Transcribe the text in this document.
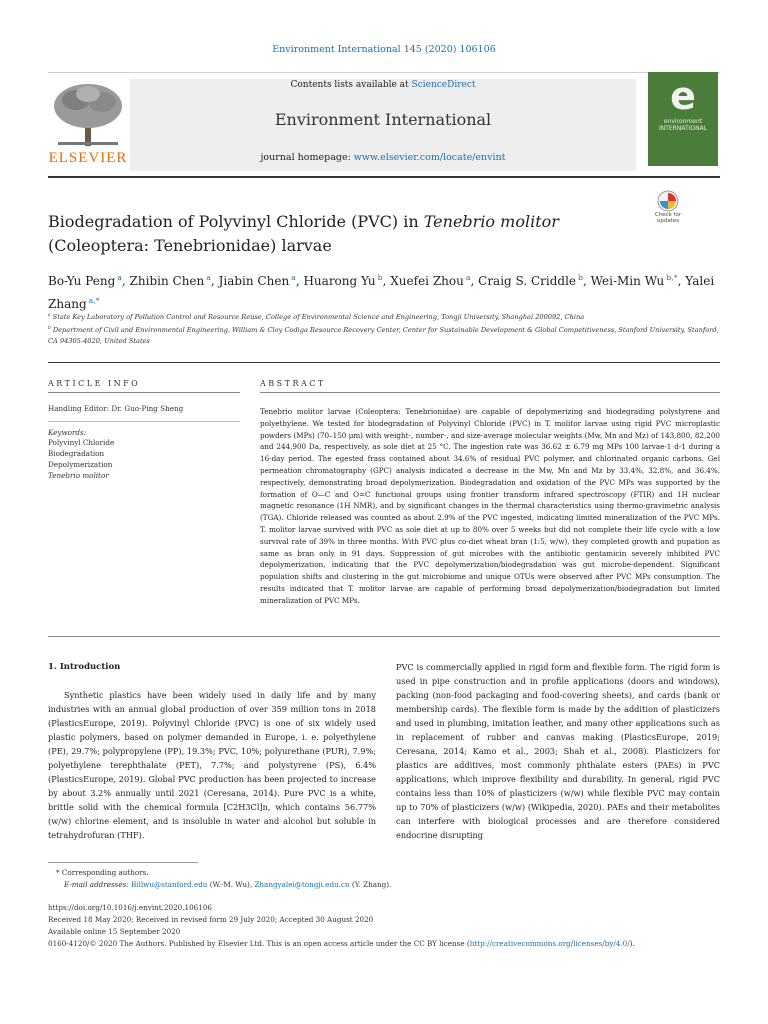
Environment International 145 (2020) 106106
Contents lists available at ScienceDirect
Environment International
journal homepage: www.elsevier.com/locate/envint
ELSEVIER
e
environment INTERNATIONAL
Biodegradation of Polyvinyl Chloride (PVC) in Tenebrio molitor (Coleoptera: Tenebrionidae) larvae
Check for updates
Bo-Yu Peng $^a$, Zhibin Chen $^a$, Jiabin Chen $^a$, Huarong Yu $^b$, Xuefei Zhou $^a$, Craig S. Criddle $^b$, Wei-Min Wu $^{b,*}$, Yalei Zhang $^{a,*}$
$^a$ State Key Laboratory of Pollution Control and Resource Reuse, College of Environmental Science and Engineering, Tongji University, Shanghai 200092, China
$^b$ Department of Civil and Environmental Engineering, William & Cloy Codiga Resource Recovery Center, Center for Sustainable Development & Global Competitiveness, Stanford University, Stanford, CA 94305-4020, United States
ARTICLE INFO
Handling Editor: Dr. Guo-Ping Sheng
Keywords:
Polyvinyl Chloride
Biodegradation
Depolymerization
Tenebrio molitor
ABSTRACT
Tenebrio molitor larvae (Coleoptera: Tenebrionidae) are capable of depolymerizing and biodegrading polystyrene and polyethylene. We tested for biodegradation of Polyvinyl Chloride (PVC) in T. molitor larvae using rigid PVC microplastic powders (MPs) (70–150 μm) with weight-, number-, and size-average molecular weights (Mw, Mn and Mz) of 143,800, 82,200 and 244,900 Da, respectively, as sole diet at 25 °C. The ingestion rate was 36.62 ± 6.79 mg MPs 100 larvae-1 d-1 during a 16-day period. The egested frass contained about 34.6% of residual PVC polymer, and chlorinated organic carbons. Gel permeation chromatography (GPC) analysis indicated a decrease in the Mw, Mn and Mz by 33.4%, 32.8%, and 36.4%, respectively, demonstrating broad depolymerization. Biodegradation and oxidation of the PVC MPs was supported by the formation of O—C and O=C functional groups using frontier transform infrared spectroscopy (FTIR) and 1H nuclear magnetic resonance (1H NMR), and by significant changes in the thermal characteristics using thermo-gravimetric analysis (TGA). Chloride released was counted as about 2.9% of the PVC ingested, indicating limited mineralization of the PVC MPs. T. molitor larvae survived with PVC as sole diet at up to 80% over 5 weeks but did not complete their life cycle with a low survival rate of 39% in three months. With PVC plus co-diet wheat bran (1:5, w/w), they completed growth and pupation as same as bran only in 91 days. Suppression of gut microbes with the antibiotic gentamicin severely inhibited PVC depolymerization, indicating that the PVC depolymerization/biodegradation was gut microbe-dependent. Significant population shifts and clustering in the gut microbiome and unique OTUs were observed after PVC MPs consumption. The results indicated that T. molitor larvae are capable of performing broad depolymerization/biodegradation but limited mineralization of PVC MPs.
1. Introduction
Synthetic plastics have been widely used in daily life and by many industries with an annual global production of over 359 million tons in 2018 (PlasticsEurope, 2019). Polyvinyl Chloride (PVC) is one of six widely used plastic polymers, based on polymer demanded in Europe, i. e. polyethylene (PE), 29.7%; polypropylene (PP), 19.3%; PVC, 10%; polyurethane (PUR), 7.9%; polyethylene terephthalate (PET), 7.7%; and polystyrene (PS), 6.4% (PlasticsEurope, 2019). Global PVC production has been projected to increase by about 3.2% annually until 2021 (Ceresana, 2014). Pure PVC is a white, brittle solid with the chemical formula [C2H3Cl]n, which contains 56.77% (w/w) chlorine element, and is insoluble in water and alcohol but soluble in tetrahydrofuran (THF).
PVC is commercially applied in rigid form and flexible form. The rigid form is used in pipe construction and in profile applications (doors and windows), packing (non-food packaging and food-covering sheets), and cards (bank or membership cards). The flexible form is made by the addition of plasticizers and used in plumbing, imitation leather, and many other applications such as in replacement of rubber and canvas making (PlasticsEurope, 2019; Ceresana, 2014; Kamo et al., 2003; Shah et al., 2008). Plasticizers for plastics are additives, most commonly phthalate esters (PAEs) in PVC applications, which improve flexibility and durability. In general, rigid PVC contains less than 10% of plasticizers (w/w) while flexible PVC may contain up to 70% of plasticizers (w/w) (Wikipedia, 2020). PAEs and their metabolites can interfere with biological processes and are therefore considered endocrine disrupting
* Corresponding authors.
E-mail addresses: Billwu@stanford.edu (W.-M. Wu), Zhangyalei@tongji.edu.cn (Y. Zhang).
https://doi.org/10.1016/j.envint.2020.106106
Received 18 May 2020; Received in revised form 29 July 2020; Accepted 30 August 2020
Available online 15 September 2020
0160-4120/© 2020 The Authors. Published by Elsevier Ltd. This is an open access article under the CC BY license (http://creativecommons.org/licenses/by/4.0/).
